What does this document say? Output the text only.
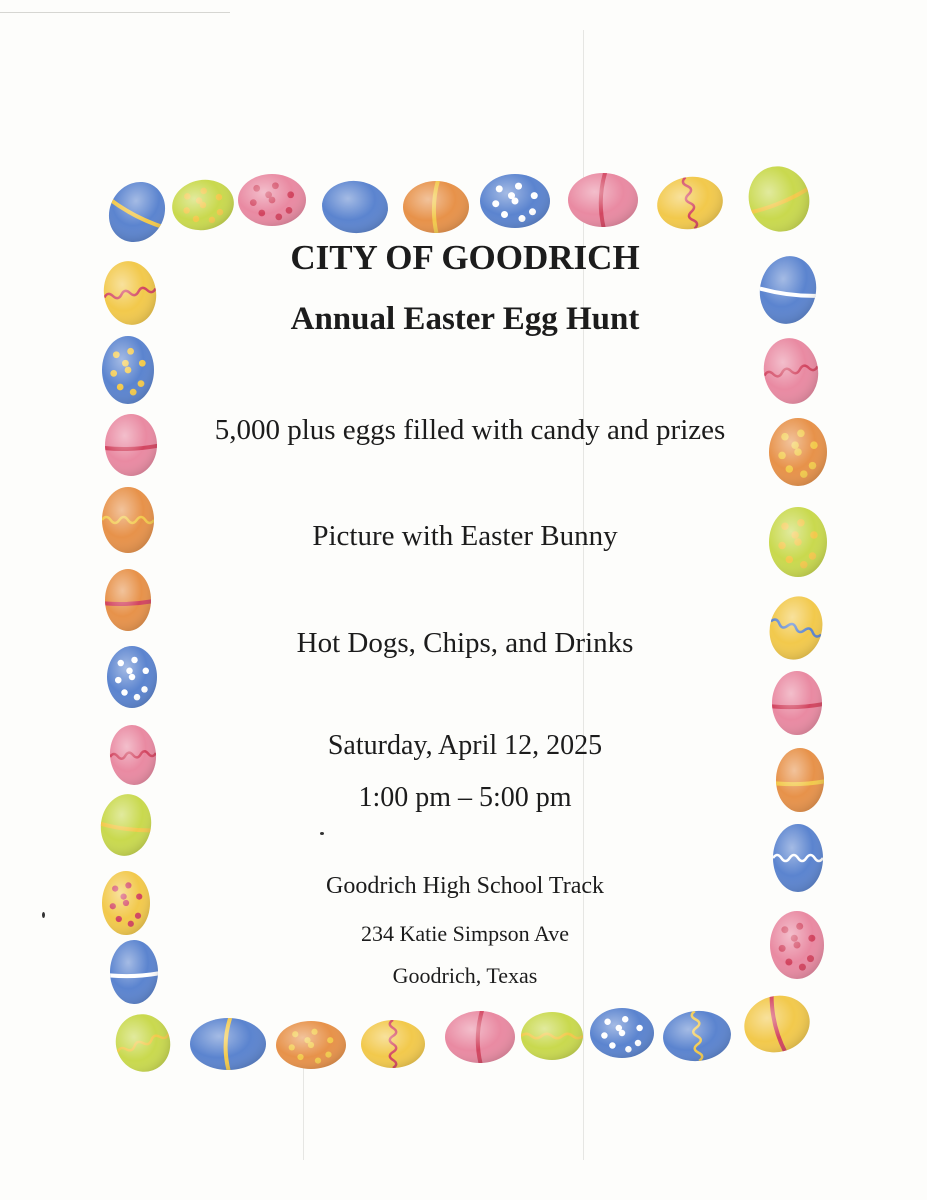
CITY OF GOODRICH
Annual Easter Egg Hunt
5,000 plus eggs filled with candy and prizes
Picture with Easter Bunny
Hot Dogs, Chips, and Drinks
Saturday, April 12, 2025
1:00 pm – 5:00 pm
Goodrich High School Track
234 Katie Simpson Ave
Goodrich, Texas
